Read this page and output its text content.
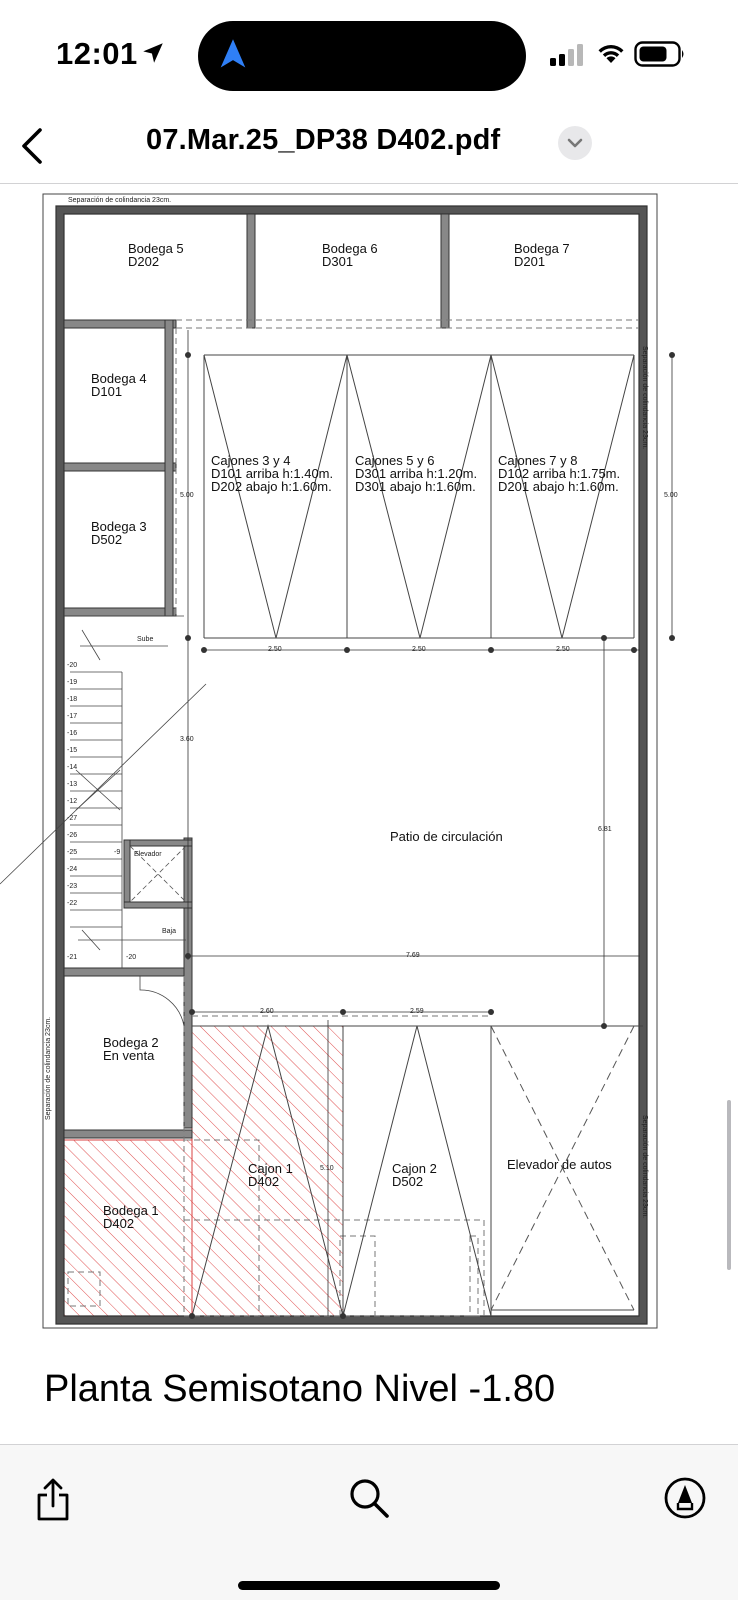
12:01
07.Mar.25_DP38 D402.pdf
Separación de colindancia 23cm.
Separación de colindancia 23cm.
Separación de colindancia 23cm.
Separación de colindancia 23cm.
Bodega 5
D202
Bodega 6
D301
Bodega 7
D201
Bodega 4
D101
Bodega 3
D502
Bodega 2
En venta
Bodega 1
D402
Cajones 3 y 4
D101 arriba h:1.40m.
D202 abajo h:1.60m.
Cajones 5 y 6
D301 arriba h:1.20m.
D301 abajo h:1.60m.
Cajones 7 y 8
D102 arriba h:1.75m.
D201 abajo h:1.60m.
Cajon 1
D402
Cajon 2
D502
Patio de circulación
Elevador de autos
Elevador
Sube
Baja
-20
-19
-18
-17
-16
-15
-14
-13
-12
-27
-26
-25
-24
-23
-22
-21
-9
-20
5.00	5.00
2.50	2.50	2.50
3.60
6.81
7.69
2.60	2.59
5.10
Planta Semisotano Nivel -1.80
